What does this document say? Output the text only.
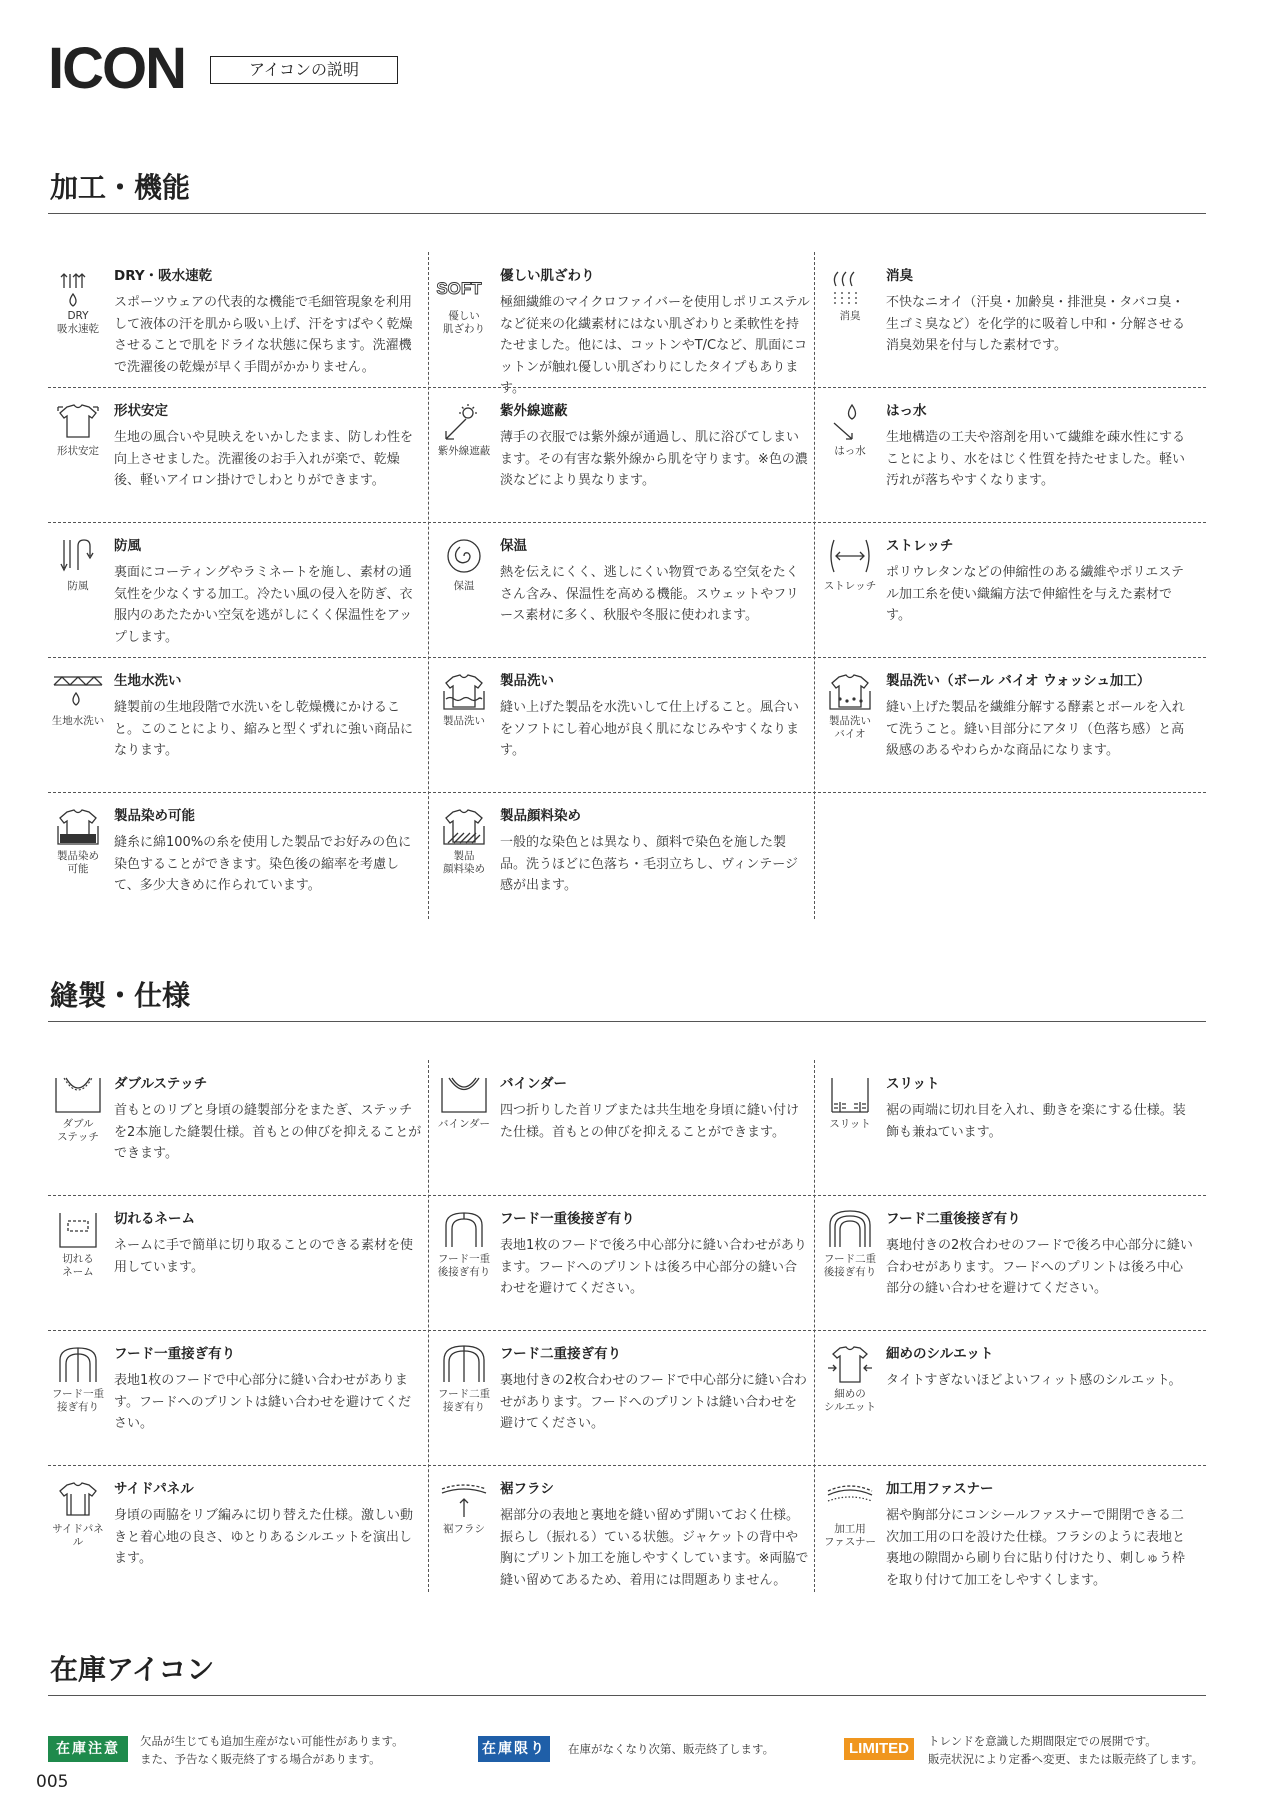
ICON	アイコンの説明
加工・機能
DRY
吸水速乾
DRY・吸水速乾
スポーツウェアの代表的な機能で毛細管現象を利用して液体の汗を肌から吸い上げ、汗をすばやく乾燥させることで肌をドライな状態に保ちます。洗濯機で洗濯後の乾燥が早く手間がかかりません。
SOFT
優しい
肌ざわり
優しい肌ざわり
極細繊維のマイクロファイバーを使用しポリエステルなど従来の化繊素材にはない肌ざわりと柔軟性を持たせました。他には、コットンやT/Cなど、肌面にコットンが触れ優しい肌ざわりにしたタイプもあります。
消臭
消臭
不快なニオイ（汗臭・加齢臭・排泄臭・タバコ臭・生ゴミ臭など）を化学的に吸着し中和・分解させる消臭効果を付与した素材です。
形状安定
形状安定
生地の風合いや見映えをいかしたまま、防しわ性を向上させました。洗濯後のお手入れが楽で、乾燥後、軽いアイロン掛けでしわとりができます。
紫外線遮蔽
紫外線遮蔽
薄手の衣服では紫外線が通過し、肌に浴びてしまいます。その有害な紫外線から肌を守ります。※色の濃淡などにより異なります。
はっ水
はっ水
生地構造の工夫や溶剤を用いて繊維を疎水性にすることにより、水をはじく性質を持たせました。軽い汚れが落ちやすくなります。
防風
防風
裏面にコーティングやラミネートを施し、素材の通気性を少なくする加工。冷たい風の侵入を防ぎ、衣服内のあたたかい空気を逃がしにくく保温性をアップします。
保温
保温
熱を伝えにくく、逃しにくい物質である空気をたくさん含み、保温性を高める機能。スウェットやフリース素材に多く、秋服や冬服に使われます。
ストレッチ
ストレッチ
ポリウレタンなどの伸縮性のある繊維やポリエステル加工糸を使い織編方法で伸縮性を与えた素材です。
生地水洗い
生地水洗い
縫製前の生地段階で水洗いをし乾燥機にかけること。このことにより、縮みと型くずれに強い商品になります。
製品洗い
製品洗い
縫い上げた製品を水洗いして仕上げること。風合いをソフトにし着心地が良く肌になじみやすくなります。
製品洗い
バイオ
製品洗い（ボール バイオ ウォッシュ加工）
縫い上げた製品を繊維分解する酵素とボールを入れて洗うこと。縫い目部分にアタリ（色落ち感）と高級感のあるやわらかな商品になります。
製品染め
可能
製品染め可能
縫糸に綿100%の糸を使用した製品でお好みの色に染色することができます。染色後の縮率を考慮して、多少大きめに作られています。
製品
顔料染め
製品顔料染め
一般的な染色とは異なり、顔料で染色を施した製品。洗うほどに色落ち・毛羽立ちし、ヴィンテージ感が出ます。
縫製・仕様
ダブル
ステッチ
ダブルステッチ
首もとのリブと身頃の縫製部分をまたぎ、ステッチを2本施した縫製仕様。首もとの伸びを抑えることができます。
バインダー
バインダー
四つ折りした首リブまたは共生地を身頃に縫い付けた仕様。首もとの伸びを抑えることができます。
スリット
スリット
裾の両端に切れ目を入れ、動きを楽にする仕様。装飾も兼ねています。
切れる
ネーム
切れるネーム
ネームに手で簡単に切り取ることのできる素材を使用しています。
フード一重
後接ぎ有り
フード一重後接ぎ有り
表地1枚のフードで後ろ中心部分に縫い合わせがあります。フードへのプリントは後ろ中心部分の縫い合わせを避けてください。
フード二重
後接ぎ有り
フード二重後接ぎ有り
裏地付きの2枚合わせのフードで後ろ中心部分に縫い合わせがあります。フードへのプリントは後ろ中心部分の縫い合わせを避けてください。
フード一重
接ぎ有り
フード一重接ぎ有り
表地1枚のフードで中心部分に縫い合わせがあります。フードへのプリントは縫い合わせを避けてください。
フード二重
接ぎ有り
フード二重接ぎ有り
裏地付きの2枚合わせのフードで中心部分に縫い合わせがあります。フードへのプリントは縫い合わせを避けてください。
細めの
シルエット
細めのシルエット
タイトすぎないほどよいフィット感のシルエット。
サイドパネル
サイドパネル
身頃の両脇をリブ編みに切り替えた仕様。激しい動きと着心地の良さ、ゆとりあるシルエットを演出します。
裾フラシ
裾フラシ
裾部分の表地と裏地を縫い留めず開いておく仕様。振らし（振れる）ている状態。ジャケットの背中や胸にプリント加工を施しやすくしています。※両脇で縫い留めてあるため、着用には問題ありません。
加工用
ファスナー
加工用ファスナー
裾や胸部分にコンシールファスナーで開閉できる二次加工用の口を設けた仕様。フラシのように表地と裏地の隙間から刷り台に貼り付けたり、刺しゅう枠を取り付けて加工をしやすくします。
在庫アイコン
在庫注意	欠品が生じても追加生産がない可能性があります。
また、予告なく販売終了する場合があります。
在庫限り	在庫がなくなり次第、販売終了します。	LIMITED	トレンドを意識した期間限定での展開です。
販売状況により定番へ変更、または販売終了します。
005
